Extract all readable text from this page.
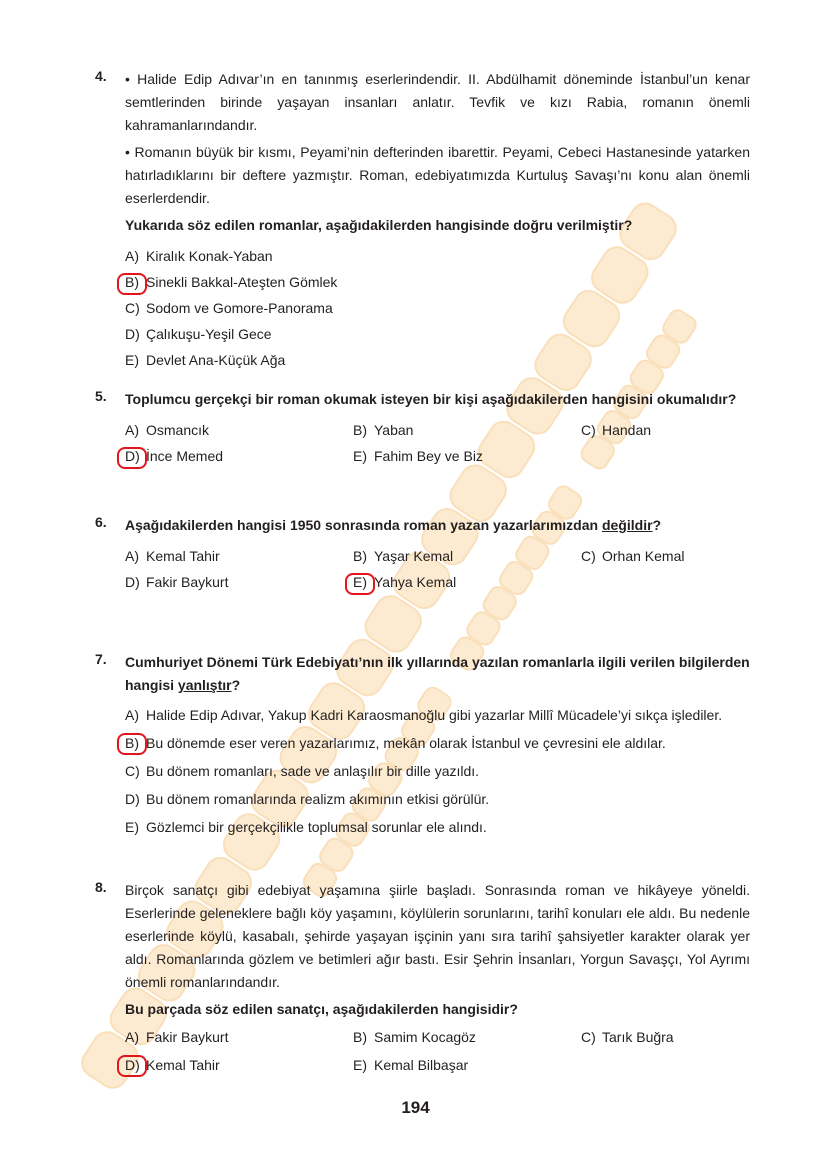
4. • Halide Edip Adıvar’ın en tanınmış eserlerindendir. II. Abdülhamit döneminde İstanbul’un kenar semtlerinden birinde yaşayan insanları anlatır. Tevfik ve kızı Rabia, romanın önemli kahramanlarındandır.

• Romanın büyük bir kısmı, Peyami’nin defterinden ibarettir. Peyami, Cebeci Hastanesinde yatarken hatırladıklarını bir deftere yazmıştır. Roman, edebiyatımızda Kurtuluş Savaşı’nı konu alan önemli eserlerdendir.

Yukarıda söz edilen romanlar, aşağıdakilerden hangisinde doğru verilmiştir?
A) Kiralık Konak-Yaban
B) Sinekli Bakkal-Ateşten Gömlek
C) Sodom ve Gomore-Panorama
D) Çalıkuşu-Yeşil Gece
E) Devlet Ana-Küçük Ağa
5. Toplumcu gerçekçi bir roman okumak isteyen bir kişi aşağıdakilerden hangisini okumalıdır?
A) Osmancık	B) Yaban	C) Handan
D) İnce Memed	E) Fahim Bey ve Biz
6. Aşağıdakilerden hangisi 1950 sonrasında roman yazan yazarlarımızdan değildir?
A) Kemal Tahir	B) Yaşar Kemal	C) Orhan Kemal
D) Fakir Baykurt	E) Yahya Kemal
7. Cumhuriyet Dönemi Türk Edebiyatı’nın ilk yıllarında yazılan romanlarla ilgili verilen bilgilerden hangisi yanlıştır?
A) Halide Edip Adıvar, Yakup Kadri Karaosmanoğlu gibi yazarlar Millî Mücadele’yi sıkça işlediler.
B) Bu dönemde eser veren yazarlarımız, mekân olarak İstanbul ve çevresini ele aldılar.
C) Bu dönem romanları, sade ve anlaşılır bir dille yazıldı.
D) Bu dönem romanlarında realizm akımının etkisi görülür.
E) Gözlemci bir gerçekçilikle toplumsal sorunlar ele alındı.
8. Birçok sanatçı gibi edebiyat yaşamına şiirle başladı. Sonrasında roman ve hikâyeye yöneldi. Eserlerinde geleneklere bağlı köy yaşamını, köylülerin sorunlarını, tarihî konuları ele aldı. Bu nedenle eserlerinde köylü, kasabalı, şehirde yaşayan işçinin yanı sıra tarihî şahsiyetler karakter olarak yer aldı. Romanlarında gözlem ve betimleri ağır bastı. Esir Şehrin İnsanları, Yorgun Savaşçı, Yol Ayrımı önemli romanlarındandır.

Bu parçada söz edilen sanatçı, aşağıdakilerden hangisidir?
A) Fakir Baykurt	B) Samim Kocagöz	C) Tarık Buğra
D) Kemal Tahir	E) Kemal Bilbaşar
194
